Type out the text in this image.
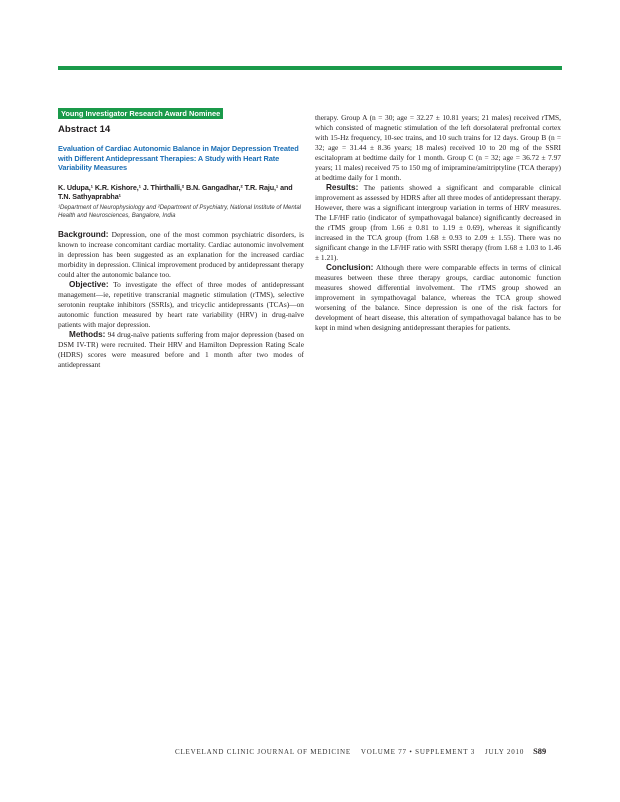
Young Investigator Research Award Nominee
Abstract 14
Evaluation of Cardiac Autonomic Balance in Major Depression Treated with Different Antidepressant Therapies: A Study with Heart Rate Variability Measures
K. Udupa,¹ K.R. Kishore,¹ J. Thirthalli,² B.N. Gangadhar,² T.R. Raju,¹ and T.N. Sathyaprabha¹
¹Department of Neurophysiology and ²Department of Psychiatry, National Institute of Mental Health and Neurosciences, Bangalore, India

Background: Depression, one of the most common psychiatric disorders, is known to increase concomitant cardiac mortality. Cardiac autonomic involvement in depression has been suggested as an explanation for the increased cardiac morbidity in depression. Clinical improvement produced by antidepressant therapy could alter the autonomic balance too.

Objective: To investigate the effect of three modes of antidepressant management—ie, repetitive transcranial magnetic stimulation (rTMS), selective serotonin reuptake inhibitors (SSRIs), and tricyclic antidepressants (TCAs)—on autonomic function measured by heart rate variability (HRV) in drug-naïve patients with major depression.

Methods: 94 drug-naïve patients suffering from major depression (based on DSM IV-TR) were recruited. Their HRV and Hamilton Depression Rating Scale (HDRS) scores were measured before and 1 month after two modes of antidepressant

therapy. Group A (n = 30; age = 32.27 ± 10.81 years; 21 males) received rTMS, which consisted of magnetic stimulation of the left dorsolateral prefrontal cortex with 15-Hz frequency, 10-sec trains, and 10 such trains for 12 days. Group B (n = 32; age = 31.44 ± 8.36 years; 18 males) received 10 to 20 mg of the SSRI escitalopram at bedtime daily for 1 month. Group C (n = 32; age = 36.72 ± 7.97 years; 11 males) received 75 to 150 mg of imipramine/amitriptyline (TCA therapy) at bedtime daily for 1 month.

Results: The patients showed a significant and comparable clinical improvement as assessed by HDRS after all three modes of antidepressant therapy. However, there was a significant intergroup variation in terms of HRV measures. The LF/HF ratio (indicator of sympathovagal balance) significantly decreased in the rTMS group (from 1.66 ± 0.81 to 1.19 ± 0.69), whereas it significantly increased in the TCA group (from 1.68 ± 0.93 to 2.09 ± 1.55). There was no significant change in the LF/HF ratio with SSRI therapy (from 1.68 ± 1.03 to 1.46 ± 1.21).

Conclusion: Although there were comparable effects in terms of clinical measures between these three therapy groups, cardiac autonomic function measures showed differential involvement. The rTMS group showed an improvement in sympathovagal balance, whereas the TCA group showed worsening of the balance. Since depression is one of the risk factors for development of heart disease, this alteration of sympathovagal balance has to be kept in mind when designing antidepressant therapies for patients.

CLEVELAND CLINIC JOURNAL OF MEDICINE VOLUME 77 • SUPPLEMENT 3 JULY 2010 S89
